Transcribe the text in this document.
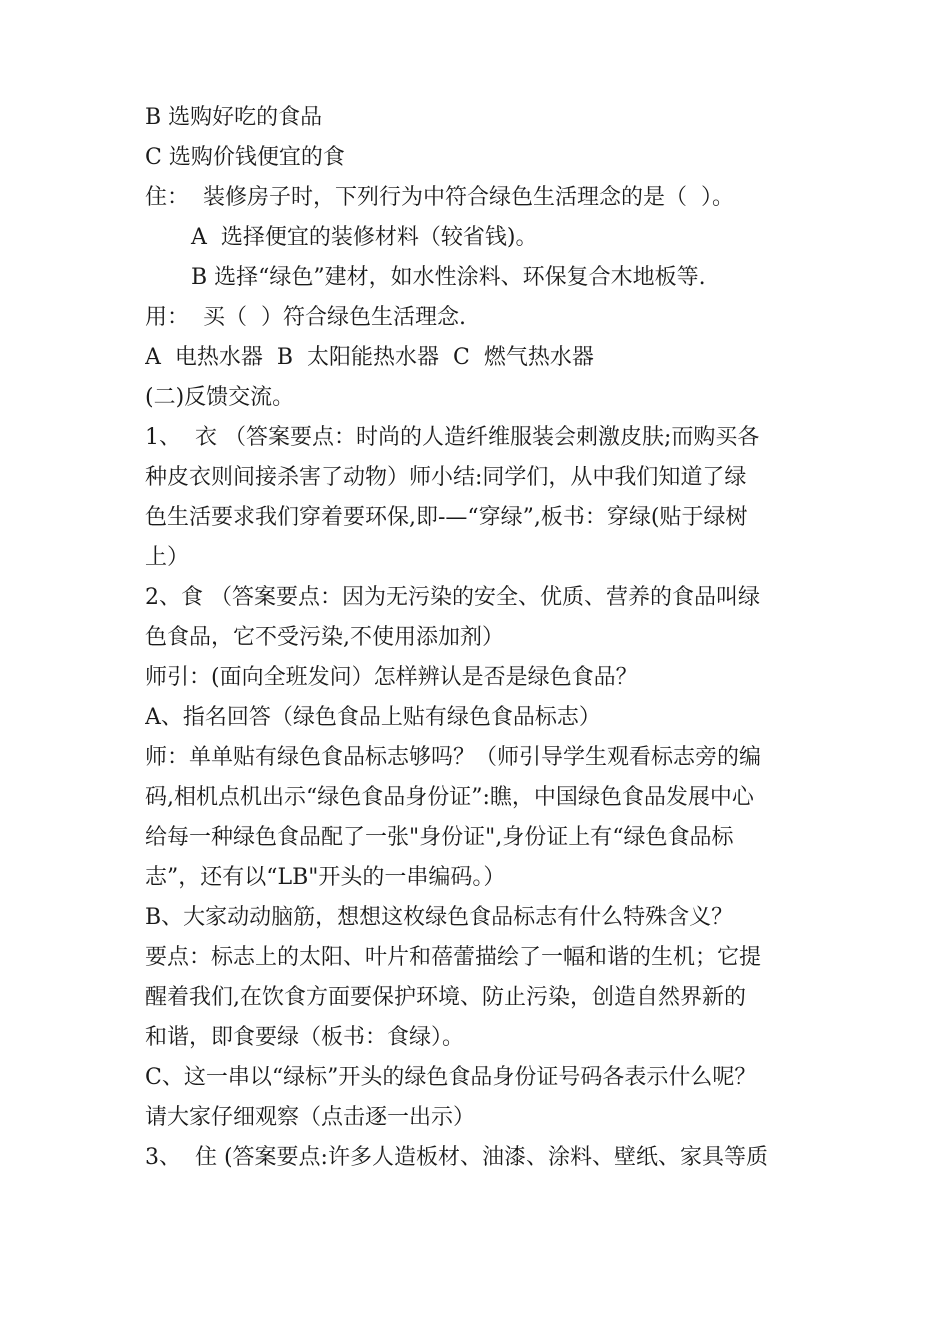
B 选购好吃的食品
C 选购价钱便宜的食
住：  装修房子时，下列行为中符合绿色生活理念的是（  ）。
A  选择便宜的装修材料（较省钱)。
B 选择“绿色”建材，如水性涂料、环保复合木地板等.
用：  买（  ）符合绿色生活理念.
A  电热水器  B  太阳能热水器  C  燃气热水器
(二)反馈交流。
1、  衣 （答案要点：时尚的人造纤维服装会刺激皮肤;而购买各
种皮衣则间接杀害了动物）师小结:同学们，从中我们知道了绿
色生活要求我们穿着要环保,即-—“穿绿”,板书：穿绿(贴于绿树
上）
2、食 （答案要点：因为无污染的安全、优质、营养的食品叫绿
色食品，它不受污染,不使用添加剂）
师引：(面向全班发问）怎样辨认是否是绿色食品？
A、指名回答（绿色食品上贴有绿色食品标志）
师：单单贴有绿色食品标志够吗？（师引导学生观看标志旁的编
码,相机点机出示“绿色食品身份证”:瞧，中国绿色食品发展中心
给每一种绿色食品配了一张"身份证",身份证上有“绿色食品标
志”，还有以“LB"开头的一串编码。）
B、大家动动脑筋，想想这枚绿色食品标志有什么特殊含义？
要点：标志上的太阳、叶片和蓓蕾描绘了一幅和谐的生机；它提
醒着我们,在饮食方面要保护环境、防止污染，创造自然界新的
和谐，即食要绿（板书：食绿）。
C、这一串以“绿标”开头的绿色食品身份证号码各表示什么呢？
请大家仔细观察（点击逐一出示）
3、  住 (答案要点:许多人造板材、油漆、涂料、壁纸、家具等质
